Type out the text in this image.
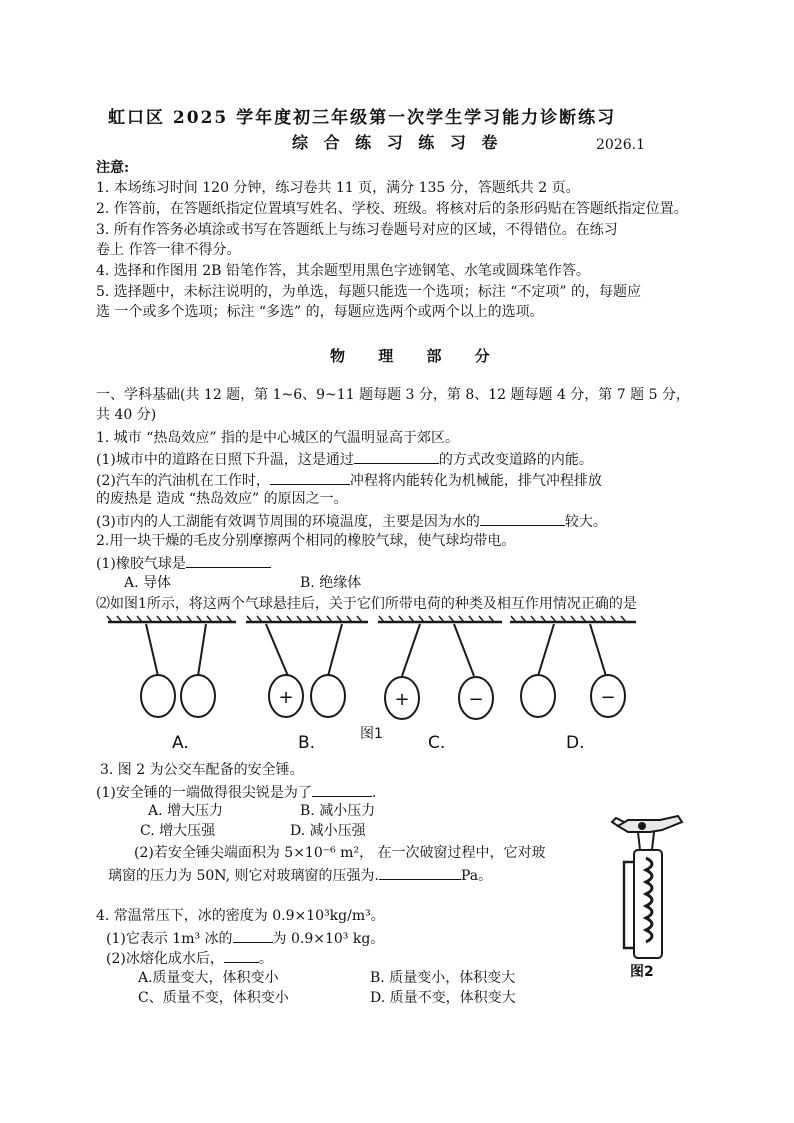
虹口区 2025 学年度初三年级第一次学生学习能力诊断练习
综 合 练 习 练 习 卷	2026.1
注意:
1. 本场练习时间 120 分钟，练习卷共 11 页，满分 135 分，答题纸共 2 页。
2. 作答前，在答题纸指定位置填写姓名、学校、班级。将核对后的条形码贴在答题纸指定位置。
3. 所有作答务必填涂或书写在答题纸上与练习卷题号对应的区域，不得错位。在练习
卷上 作答一律不得分。
4. 选择和作图用 2B 铅笔作答，其余题型用黑色字迹钢笔、水笔或圆珠笔作答。
5. 选择题中，未标注说明的，为单选，每题只能选一个选项；标注 “不定项” 的，每题应
选 一个或多个选项；标注 “多选” 的，每题应选两个或两个以上的选项。
物 理 部 分
一、学科基础(共 12 题，第 1~6、9~11 题每题 3 分，第 8、12 题每题 4 分，第 7 题 5 分，
共 40 分)
1. 城市 “热岛效应” 指的是中心城区的气温明显高于郊区。
(1)城市中的道路在日照下升温，这是通过	的方式改变道路的内能。
(2)汽车的汽油机在工作时，	冲程将内能转化为机械能，排气冲程排放
的废热是 造成 “热岛效应” 的原因之一。
(3)市内的人工湖能有效调节周围的环境温度，主要是因为水的	较大。
2.用一块干燥的毛皮分别摩擦两个相同的橡胶气球，使气球均带电。
(1)橡胶气球是
A. 导体	B. 绝缘体
⑵如图1所示，将这两个气球悬挂后，关于它们所带电荷的种类及相互作用情况正确的是
+	+	−	−
A.	B.	C.	D.
图1
3. 图 2 为公交车配备的安全锤。
(1)安全锤的一端做得很尖锐是为了	.
A. 增大压力	B. 减小压力
C. 增大压强	D. 减小压强
(2)若安全锤尖端面积为 5×10⁻⁶ m²， 在一次破窗过程中，它对玻
璃窗的压力为 50N, 则它对玻璃窗的压强为.	Pa。
图2
4. 常温常压下，冰的密度为 0.9×10³kg/m³。
(1)它表示 1m³ 冰的	为 0.9×10³ kg。
(2)冰熔化成水后，	。
A.质量变大，体积变小	B. 质量变小，体积变大
C、质量不变，体积变小	D. 质量不变，体积变大
